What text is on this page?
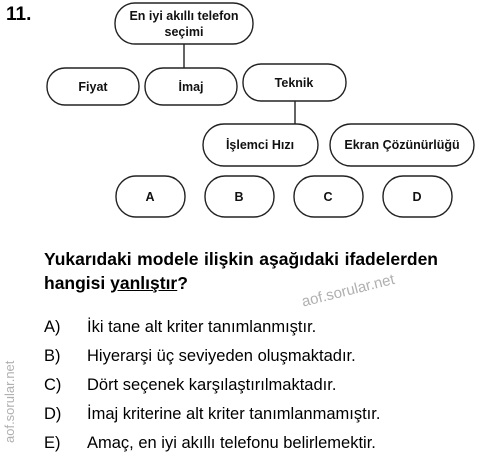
11.	En iyi akıllı telefon
seçimi
Fiyat	İmaj	Teknik
İşlemci Hızı	Ekran Çözünürlüğü
A	B	C	D
Yukarıdaki modele ilişkin aşağıdaki ifadelerden hangisi yanlıştır?	aof.sorular.net
aof.sorular.net
A) İki tane alt kriter tanımlanmıştır.
B) Hiyerarşi üç seviyeden oluşmaktadır.
C) Dört seçenek karşılaştırılmaktadır.
D) İmaj kriterine alt kriter tanımlanmamıştır.
E) Amaç, en iyi akıllı telefonu belirlemektir.
